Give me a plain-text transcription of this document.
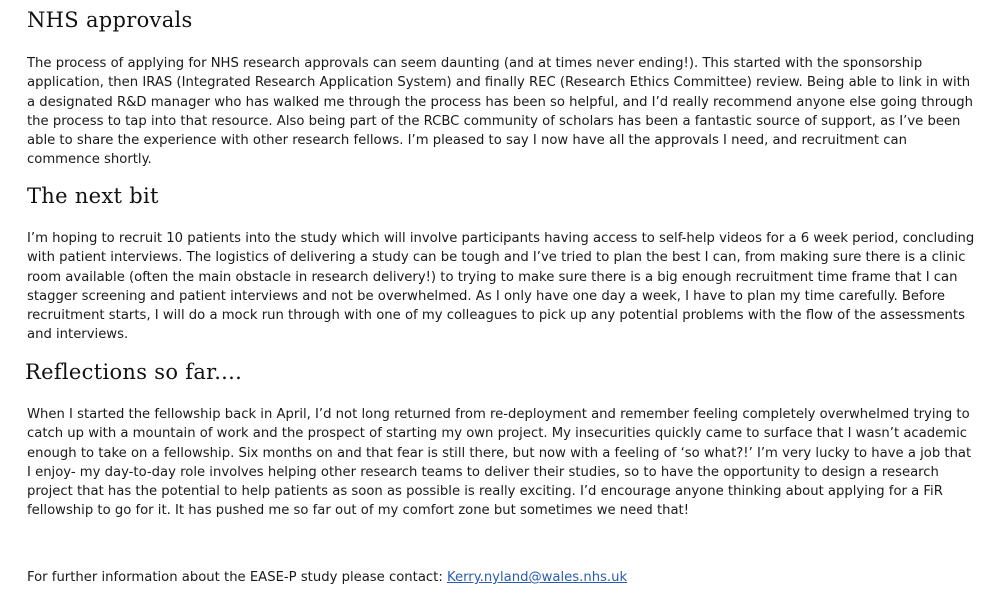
NHS approvals

The process of applying for NHS research approvals can seem daunting (and at times never ending!). This started with the sponsorship application, then IRAS (Integrated Research Application System) and finally REC (Research Ethics Committee) review. Being able to link in with a designated R&D manager who has walked me through the process has been so helpful, and I’d really recommend anyone else going through the process to tap into that resource. Also being part of the RCBC community of scholars has been a fantastic source of support, as I’ve been able to share the experience with other research fellows. I’m pleased to say I now have all the approvals I need, and recruitment can commence shortly.

The next bit

I’m hoping to recruit 10 patients into the study which will involve participants having access to self-help videos for a 6 week period, concluding with patient interviews. The logistics of delivering a study can be tough and I’ve tried to plan the best I can, from making sure there is a clinic room available (often the main obstacle in research delivery!) to trying to make sure there is a big enough recruitment time frame that I can stagger screening and patient interviews and not be overwhelmed. As I only have one day a week, I have to plan my time carefully. Before recruitment starts, I will do a mock run through with one of my colleagues to pick up any potential problems with the flow of the assessments and interviews.

Reflections so far....

When I started the fellowship back in April, I’d not long returned from re-deployment and remember feeling completely overwhelmed trying to catch up with a mountain of work and the prospect of starting my own project. My insecurities quickly came to surface that I wasn’t academic enough to take on a fellowship. Six months on and that fear is still there, but now with a feeling of ‘so what?!’ I’m very lucky to have a job that I enjoy- my day-to-day role involves helping other research teams to deliver their studies, so to have the opportunity to design a research project that has the potential to help patients as soon as possible is really exciting. I’d encourage anyone thinking about applying for a FiR fellowship to go for it. It has pushed me so far out of my comfort zone but sometimes we need that!

For further information about the EASE-P study please contact: Kerry.nyland@wales.nhs.uk
